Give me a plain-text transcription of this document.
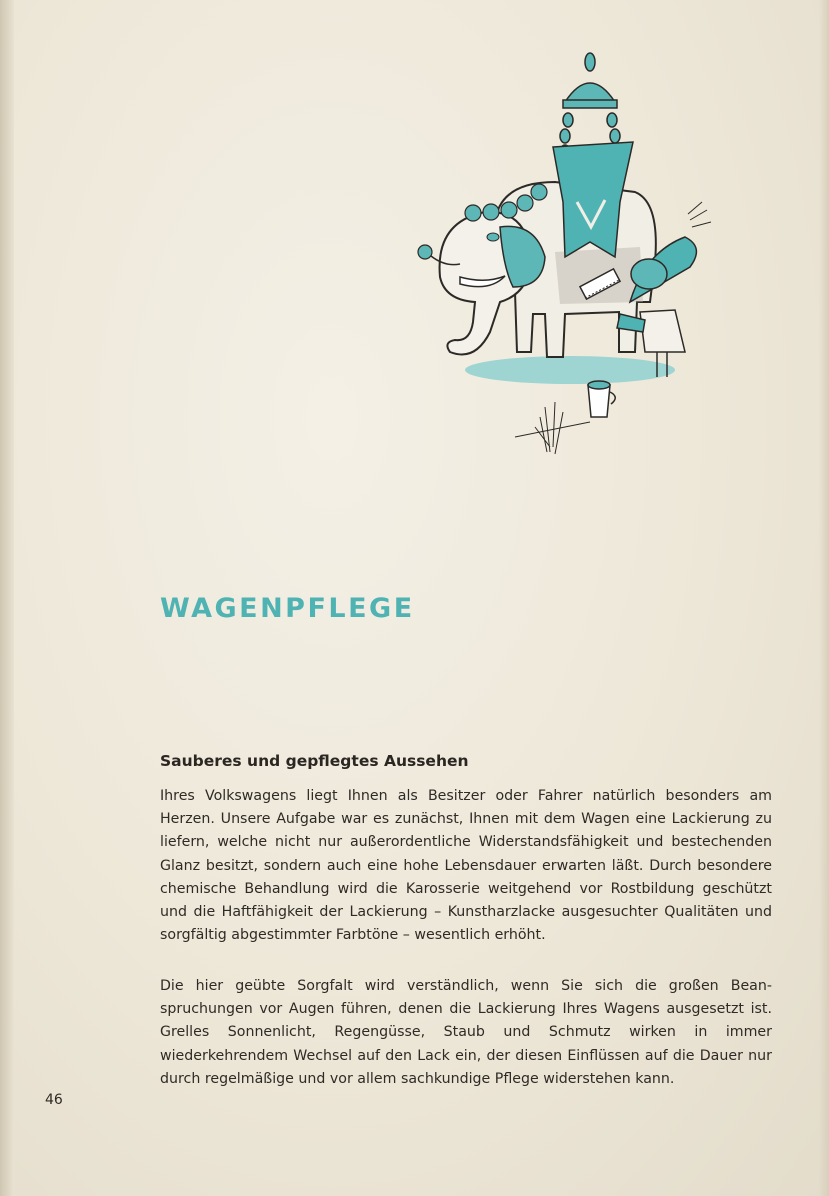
WAGENPFLEGE
Sauberes und gepflegtes Aussehen

Ihres Volkswagens liegt Ihnen als Besitzer oder Fahrer natürlich besonders am Herzen. Unsere Aufgabe war es zunächst, Ihnen mit dem Wagen eine Lackierung zu liefern, welche nicht nur außerordentliche Widerstandsfähigkeit und bestechenden Glanz besitzt, sondern auch eine hohe Lebensdauer erwarten läßt. Durch besondere chemische Behandlung wird die Karosserie weitgehend vor Rostbildung geschützt und die Haftfähigkeit der Lackierung – Kunstharzlacke ausgesuchter Qualitäten und sorgfältig abgestimmter Farbtöne – wesentlich erhöht.

Die hier geübte Sorgfalt wird verständlich, wenn Sie sich die großen Beanspruchungen vor Augen führen, denen die Lackierung Ihres Wagens ausgesetzt ist. Grelles Sonnenlicht, Regengüsse, Staub und Schmutz wirken in immer wiederkehrendem Wechsel auf den Lack ein, der diesen Einflüssen auf die Dauer nur durch regelmäßige und vor allem sachkundige Pflege widerstehen kann.

46
